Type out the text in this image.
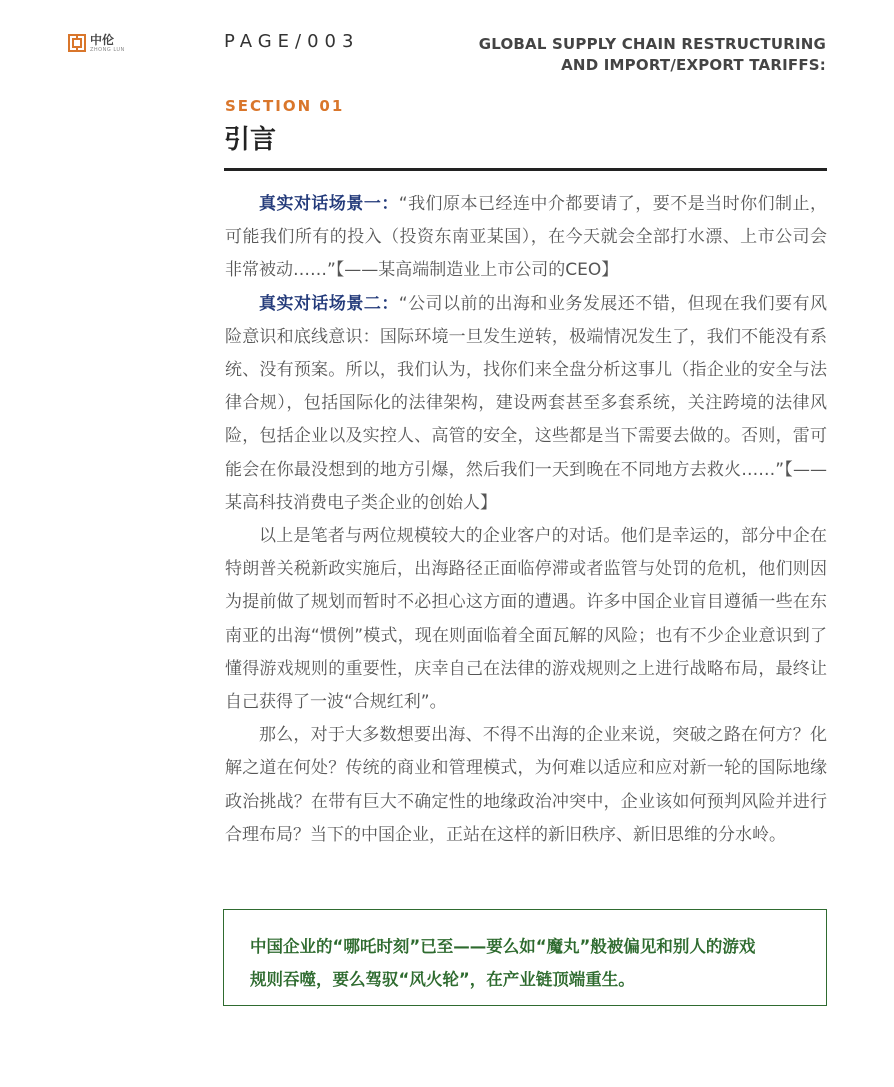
中伦
ZHONG LUN	PAGE/003	GLOBAL SUPPLY CHAIN RESTRUCTURING
AND IMPORT/EXPORT TARIFFS:
SECTION 01
引言

真实对话场景一：“我们原本已经连中介都要请了，要不是当时你们制止，可能我们所有的投入（投资东南亚某国），在今天就会全部打水漂、上市公司会非常被动……”【——某高端制造业上市公司的CEO】

真实对话场景二：“公司以前的出海和业务发展还不错，但现在我们要有风险意识和底线意识：国际环境一旦发生逆转，极端情况发生了，我们不能没有系统、没有预案。所以，我们认为，找你们来全盘分析这事儿（指企业的安全与法律合规），包括国际化的法律架构，建设两套甚至多套系统，关注跨境的法律风险，包括企业以及实控人、高管的安全，这些都是当下需要去做的。否则，雷可能会在你最没想到的地方引爆，然后我们一天到晚在不同地方去救火……”【——某高科技消费电子类企业的创始人】

以上是笔者与两位规模较大的企业客户的对话。他们是幸运的，部分中企在特朗普关税新政实施后，出海路径正面临停滞或者监管与处罚的危机，他们则因为提前做了规划而暂时不必担心这方面的遭遇。许多中国企业盲目遵循一些在东南亚的出海“惯例”模式，现在则面临着全面瓦解的风险；也有不少企业意识到了懂得游戏规则的重要性，庆幸自己在法律的游戏规则之上进行战略布局，最终让自己获得了一波“合规红利”。

那么，对于大多数想要出海、不得不出海的企业来说，突破之路在何方？化解之道在何处？传统的商业和管理模式，为何难以适应和应对新一轮的国际地缘政治挑战？在带有巨大不确定性的地缘政治冲突中，企业该如何预判风险并进行合理布局？当下的中国企业，正站在这样的新旧秩序、新旧思维的分水岭。

中国企业的“哪吒时刻”已至——要么如“魔丸”般被偏见和别人的游戏

规则吞噬，要么驾驭“风火轮”，在产业链顶端重生。
